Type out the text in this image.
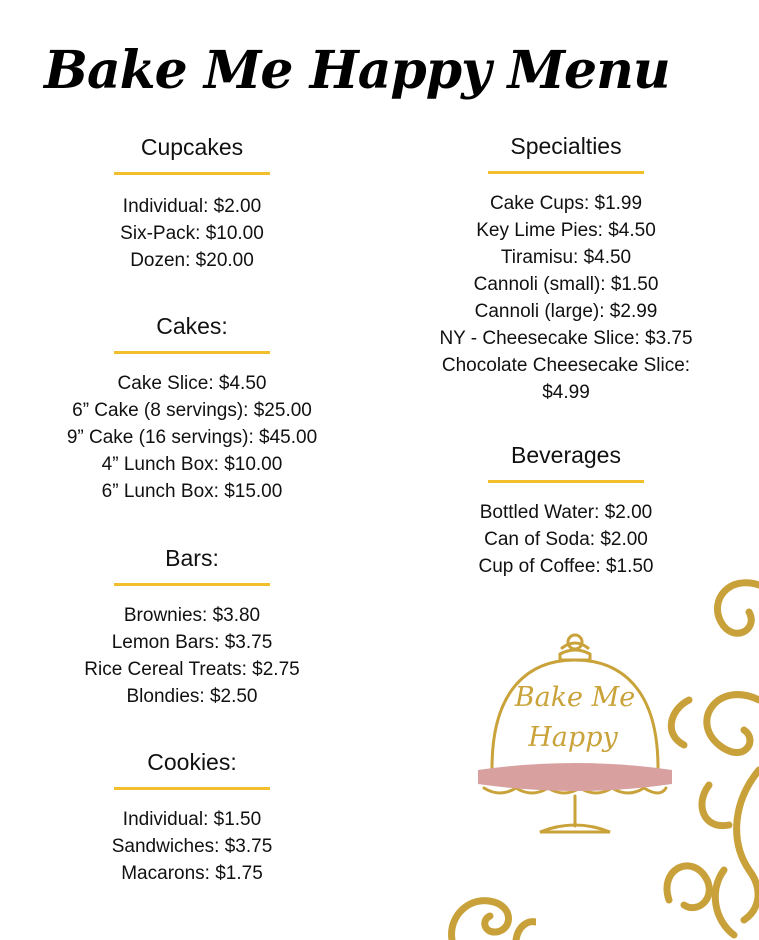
Bake Me Happy Menu
Cupcakes
Individual: $2.00
Six-Pack: $10.00
Dozen: $20.00
Cakes:
Cake Slice: $4.50
6” Cake (8 servings): $25.00
9” Cake (16 servings): $45.00
4” Lunch Box: $10.00
6” Lunch Box: $15.00
Bars:
Brownies: $3.80
Lemon Bars: $3.75
Rice Cereal Treats: $2.75
Blondies: $2.50
Cookies:
Individual: $1.50
Sandwiches: $3.75
Macarons: $1.75
Specialties
Cake Cups: $1.99
Key Lime Pies: $4.50
Tiramisu: $4.50
Cannoli (small): $1.50
Cannoli (large): $2.99
NY - Cheesecake Slice: $3.75
Chocolate Cheesecake Slice: $4.99
Beverages
Bottled Water: $2.00
Can of Soda: $2.00
Cup of Coffee: $1.50
Bake Me
Happy
